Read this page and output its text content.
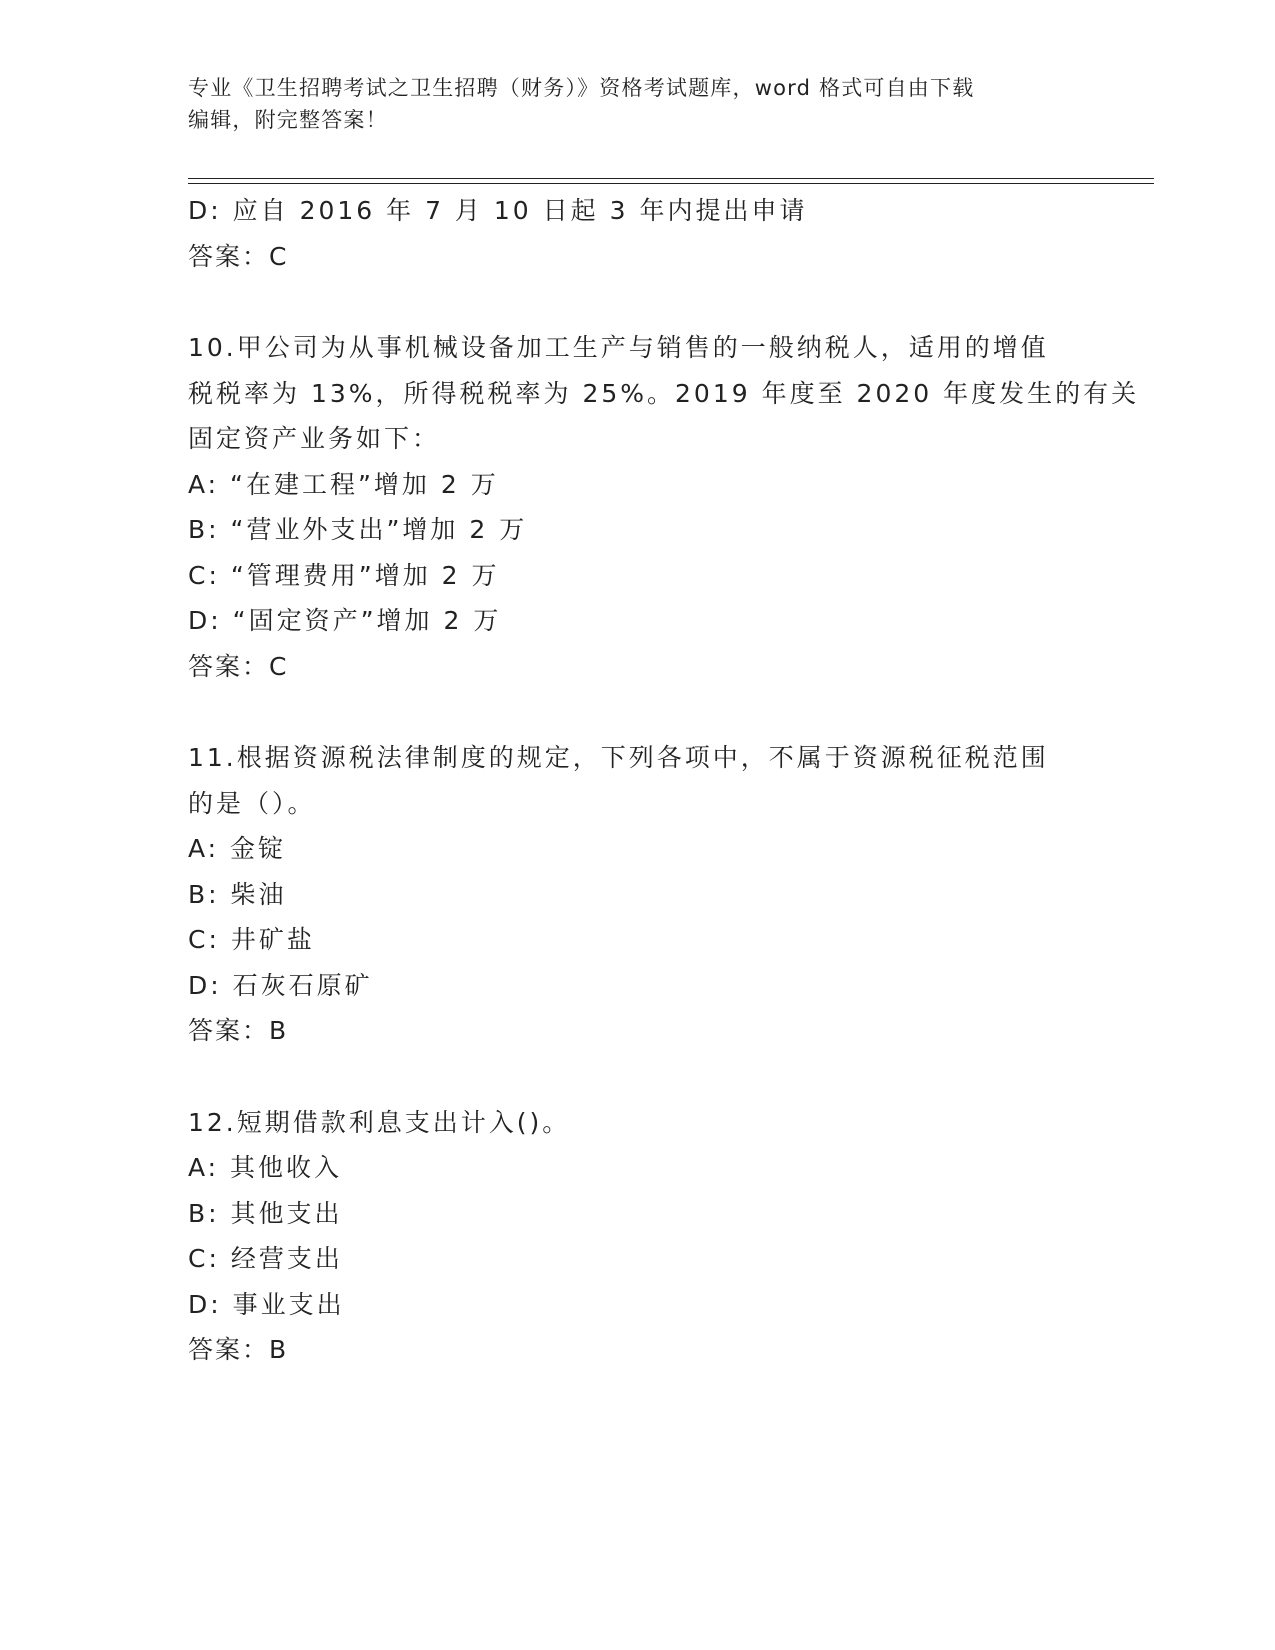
专业《卫生招聘考试之卫生招聘（财务）》资格考试题库，word 格式可自由下载
编辑，附完整答案！
D: 应自 2016 年 7 月 10 日起 3 年内提出申请
答案：C
10.甲公司为从事机械设备加工生产与销售的一般纳税人，适用的增值
税税率为 13%，所得税税率为 25%。2019 年度至 2020 年度发生的有关
固定资产业务如下：
A: “在建工程”增加 2 万
B: “营业外支出”增加 2 万
C: “管理费用”增加 2 万
D: “固定资产”增加 2 万
答案：C
11.根据资源税法律制度的规定，下列各项中，不属于资源税征税范围
的是（）。
A: 金锭
B: 柴油
C: 井矿盐
D: 石灰石原矿
答案：B
12.短期借款利息支出计入()。
A: 其他收入
B: 其他支出
C: 经营支出
D: 事业支出
答案：B
